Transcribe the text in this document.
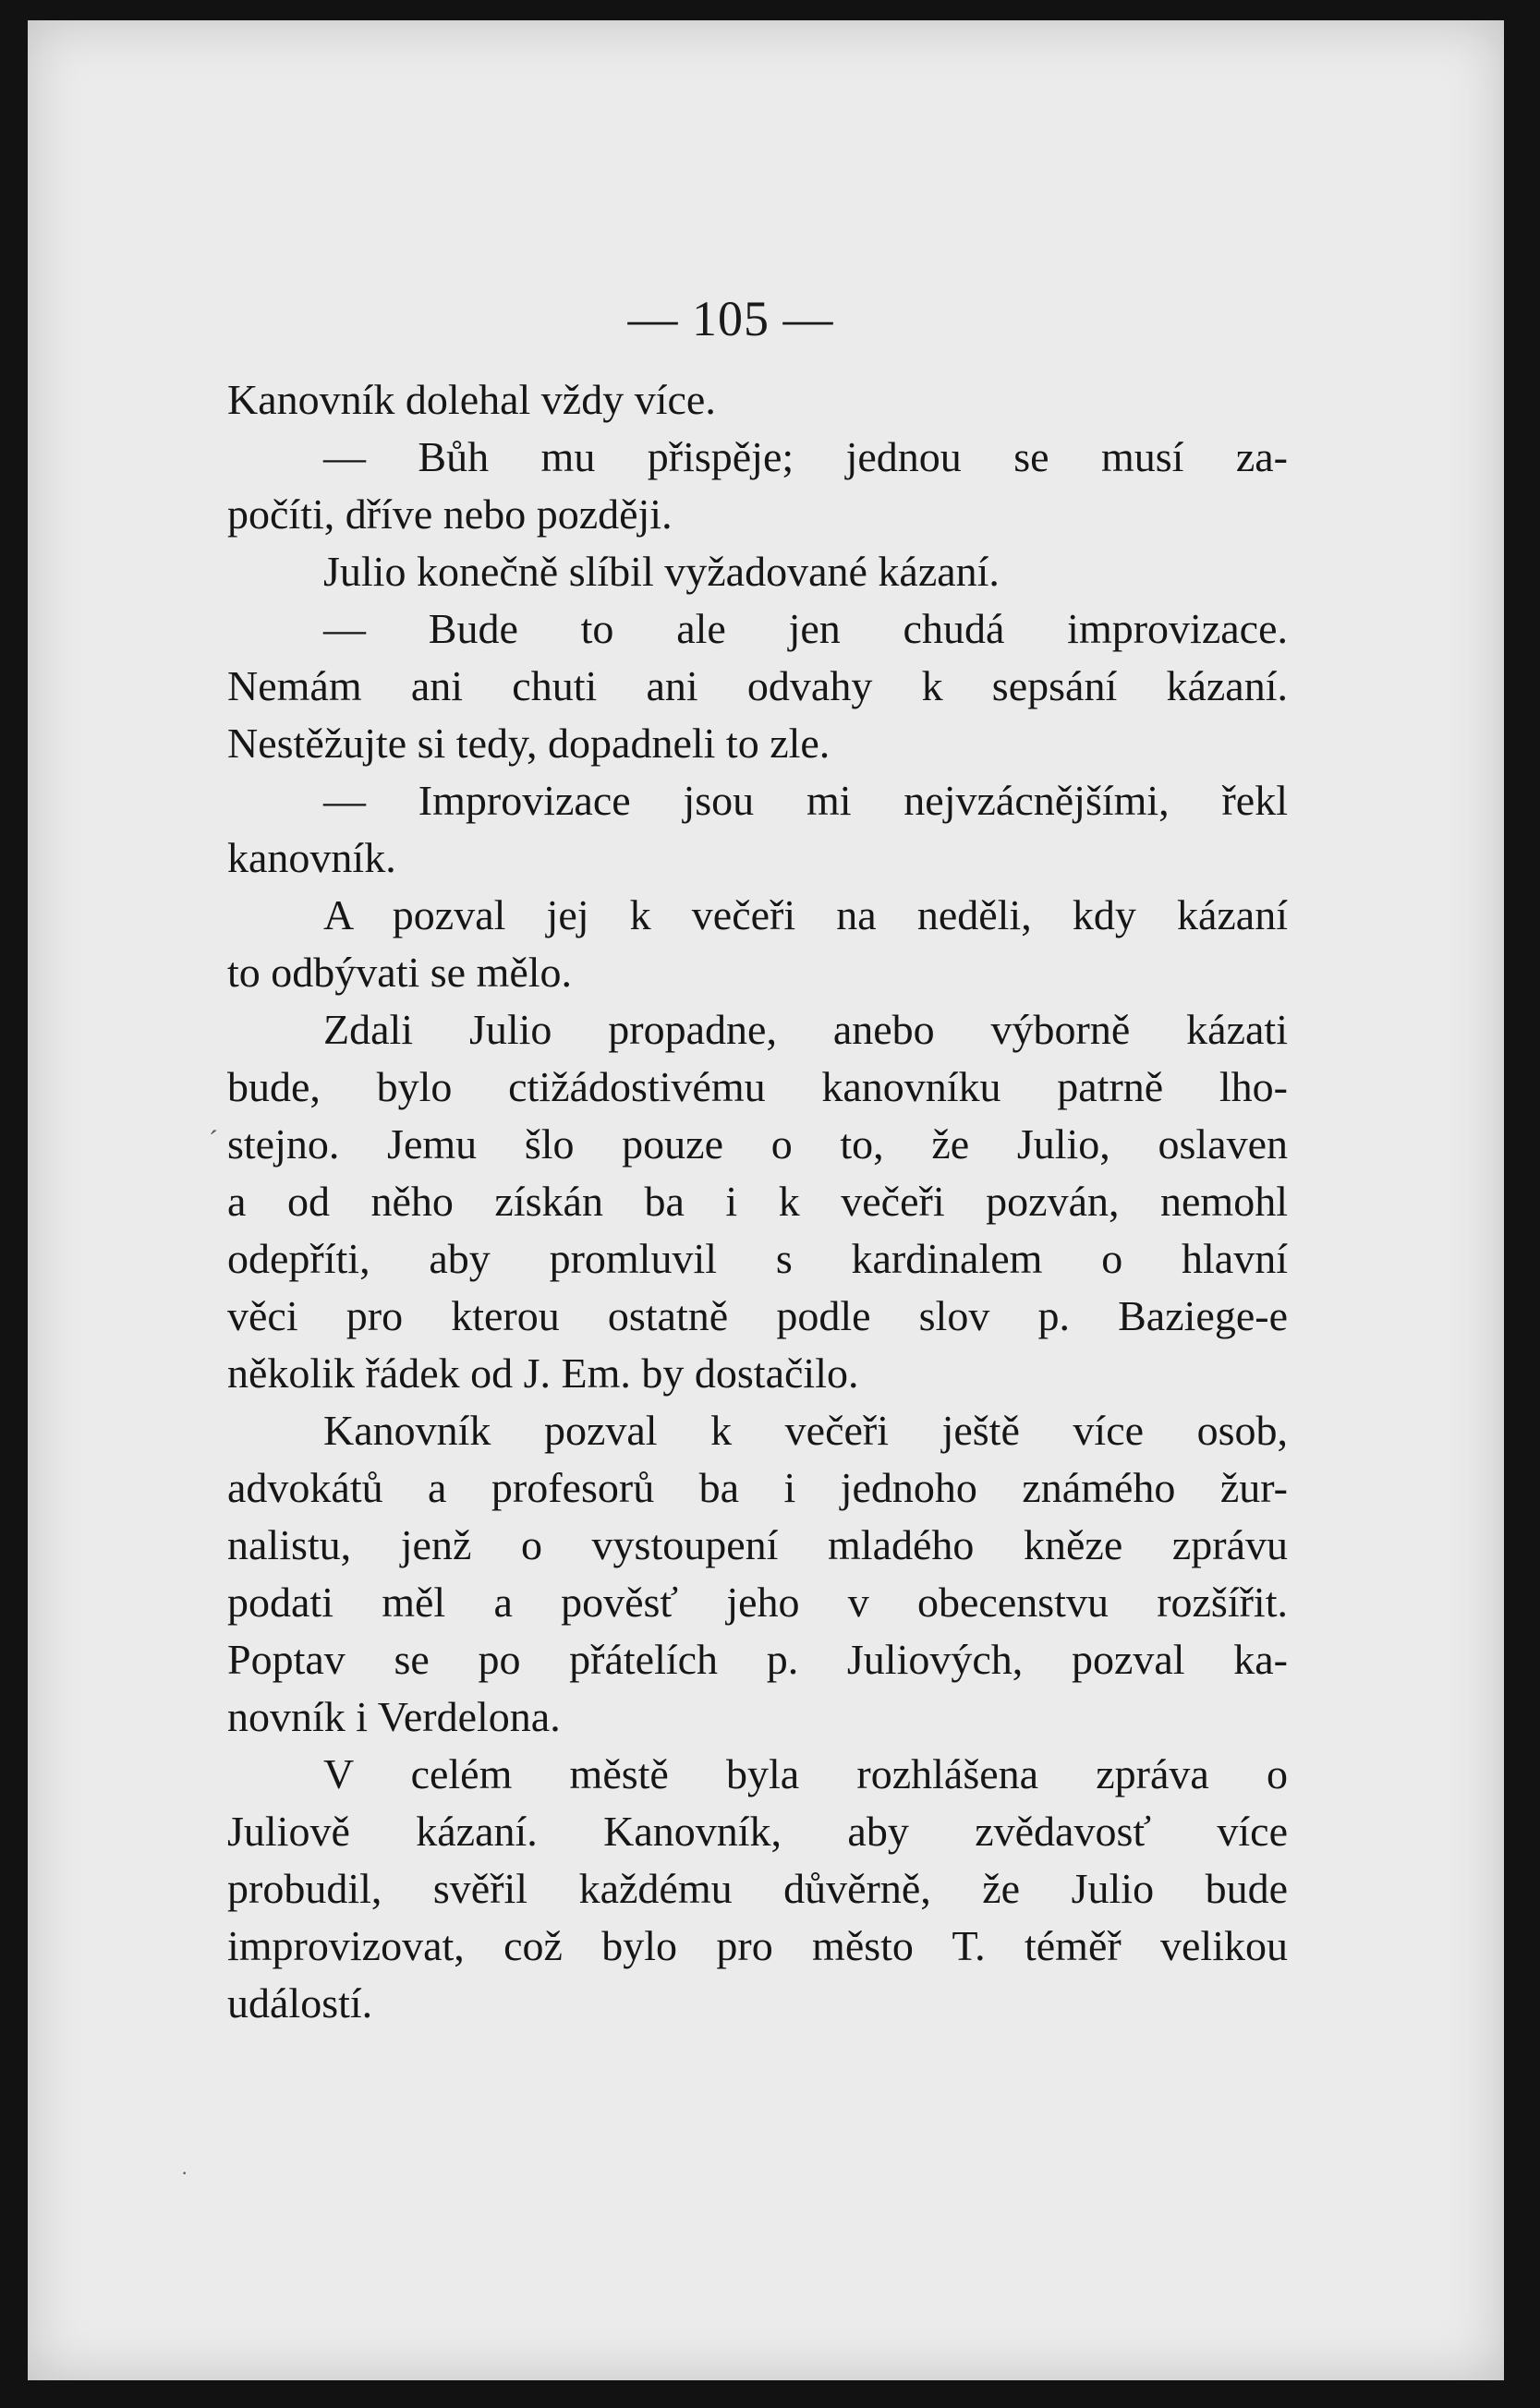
— 105 —
Kanovník dolehal vždy více.
— Bůh mu přispěje; jednou se musí za-
počíti, dříve nebo později.
Julio konečně slíbil vyžadované kázaní.
— Bude to ale jen chudá improvizace.
Nemám ani chuti ani odvahy k sepsání kázaní.
Nestěžujte si tedy, dopadneli to zle.
— Improvizace jsou mi nejvzácnějšími, řekl
kanovník.
A pozval jej k večeři na neděli, kdy kázaní
to odbývati se mělo.
Zdali Julio propadne, anebo výborně kázati
bude, bylo ctižádostivému kanovníku patrně lho-
stejno. Jemu šlo pouze o to, že Julio, oslaven
a od něho získán ba i k večeři pozván, nemohl
odepříti, aby promluvil s kardinalem o hlavní
věci pro kterou ostatně podle slov p. Baziege-e
několik řádek od J. Em. by dostačilo.
Kanovník pozval k večeři ještě více osob,
advokátů a profesorů ba i jednoho známého žur-
nalistu, jenž o vystoupení mladého kněze zprávu
podati měl a pověsť jeho v obecenstvu rozšířit.
Poptav se po přátelích p. Juliových, pozval ka-
novník i Verdelona.
V celém městě byla rozhlášena zpráva o
Juliově kázaní. Kanovník, aby zvědavosť více
probudil, svěřil každému důvěrně, že Julio bude
improvizovat, což bylo pro město T. téměř velikou
událostí.
´
·
